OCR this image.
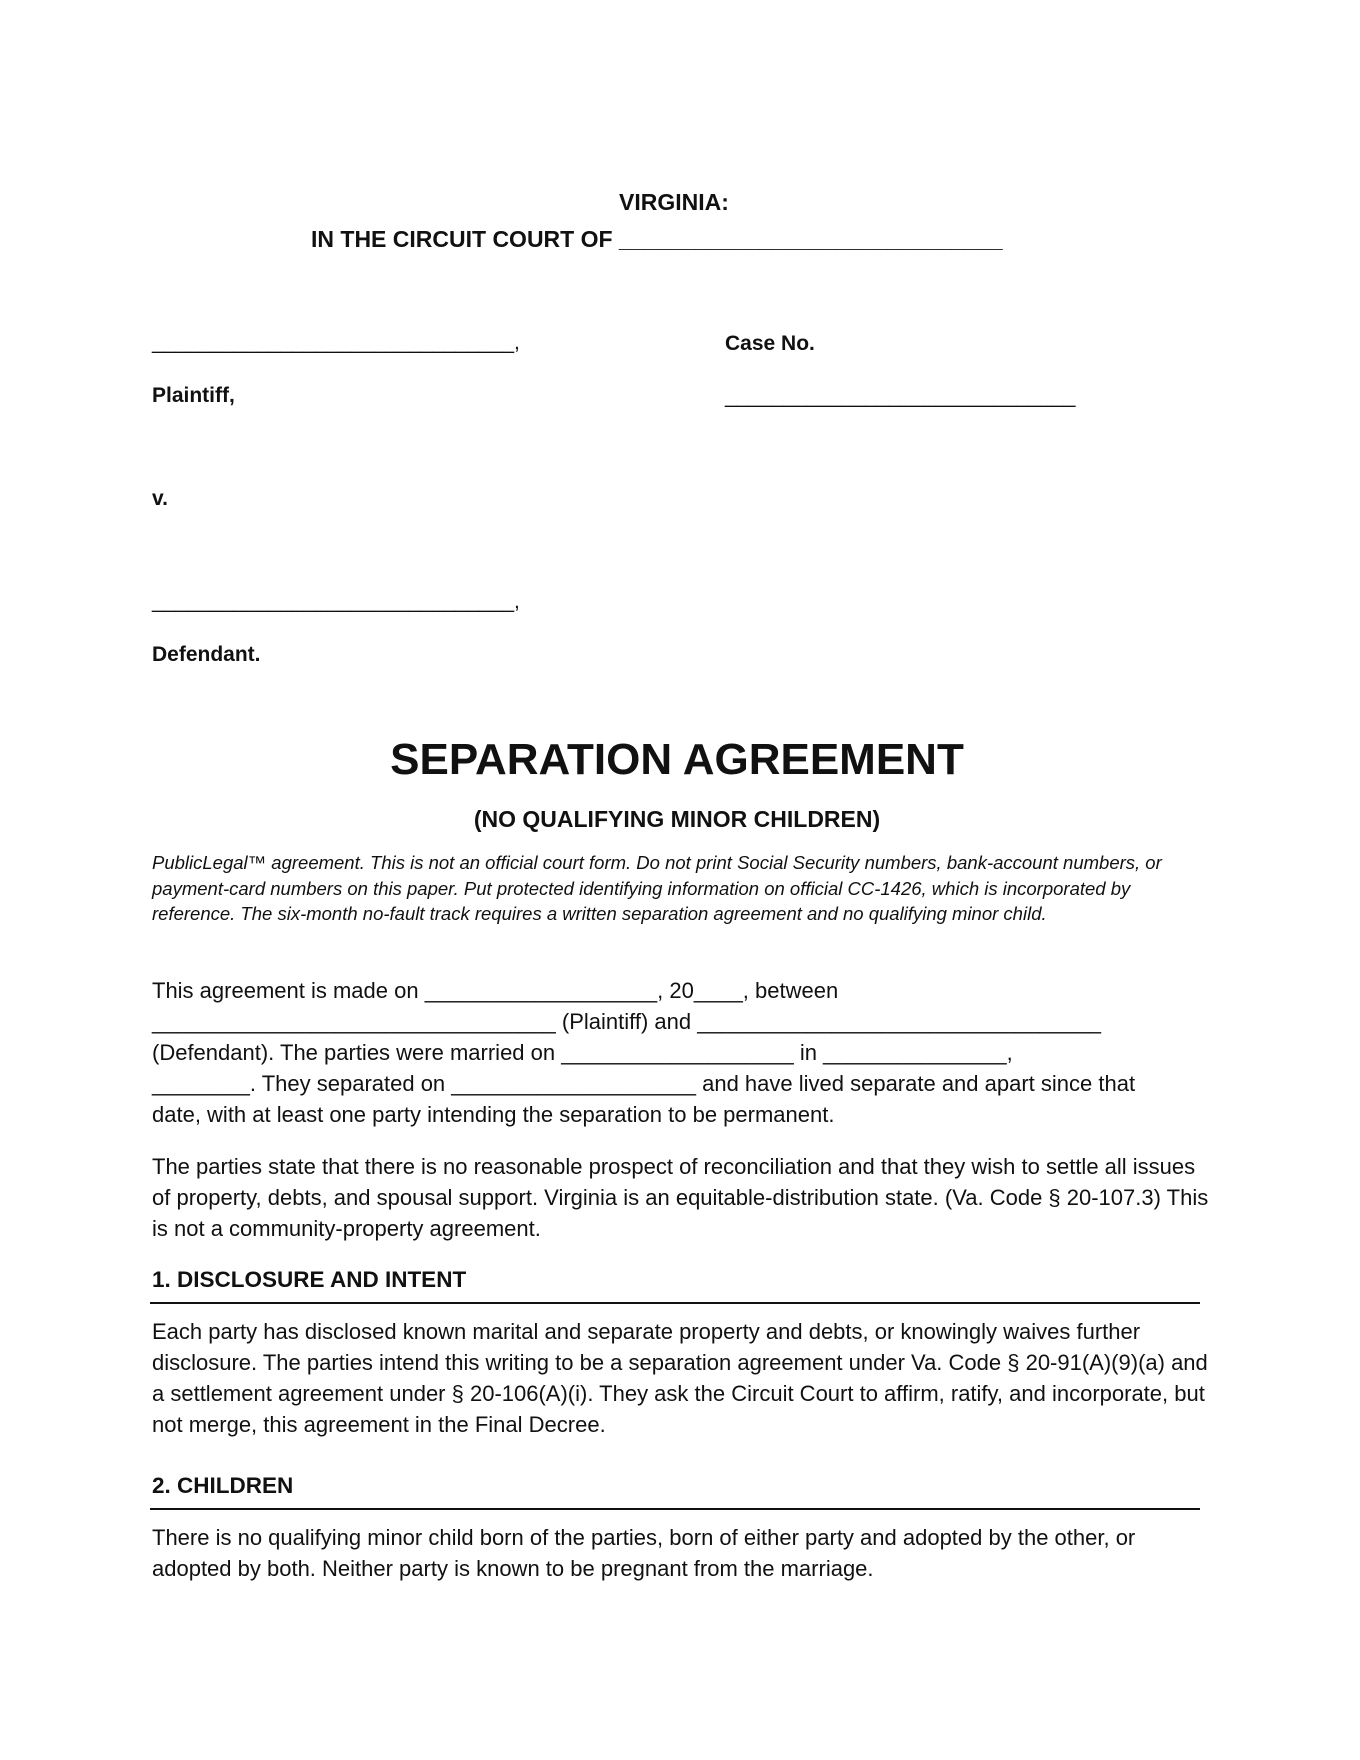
VIRGINIA:
IN THE CIRCUIT COURT OF ______________________________
_______________________________,	Case No.
Plaintiff,	______________________________
v.
_______________________________,
Defendant.
SEPARATION AGREEMENT
(NO QUALIFYING MINOR CHILDREN)
PublicLegal™ agreement. This is not an official court form. Do not print Social Security numbers, bank-account numbers, or payment-card numbers on this paper. Put protected identifying information on official CC-1426, which is incorporated by reference. The six-month no-fault track requires a written separation agreement and no qualifying minor child.
This agreement is made on ___________________, 20____, between
_________________________________ (Plaintiff) and _________________________________
(Defendant). The parties were married on ___________________ in _______________,
________. They separated on ____________________ and have lived separate and apart since that
date, with at least one party intending the separation to be permanent.
The parties state that there is no reasonable prospect of reconciliation and that they wish to settle all issues of property, debts, and spousal support. Virginia is an equitable-distribution state. (Va. Code § 20-107.3) This is not a community-property agreement.
1. DISCLOSURE AND INTENT
Each party has disclosed known marital and separate property and debts, or knowingly waives further disclosure. The parties intend this writing to be a separation agreement under Va. Code § 20-91(A)(9)(a) and a settlement agreement under § 20-106(A)(i). They ask the Circuit Court to affirm, ratify, and incorporate, but not merge, this agreement in the Final Decree.
2. CHILDREN
There is no qualifying minor child born of the parties, born of either party and adopted by the other, or adopted by both. Neither party is known to be pregnant from the marriage.
